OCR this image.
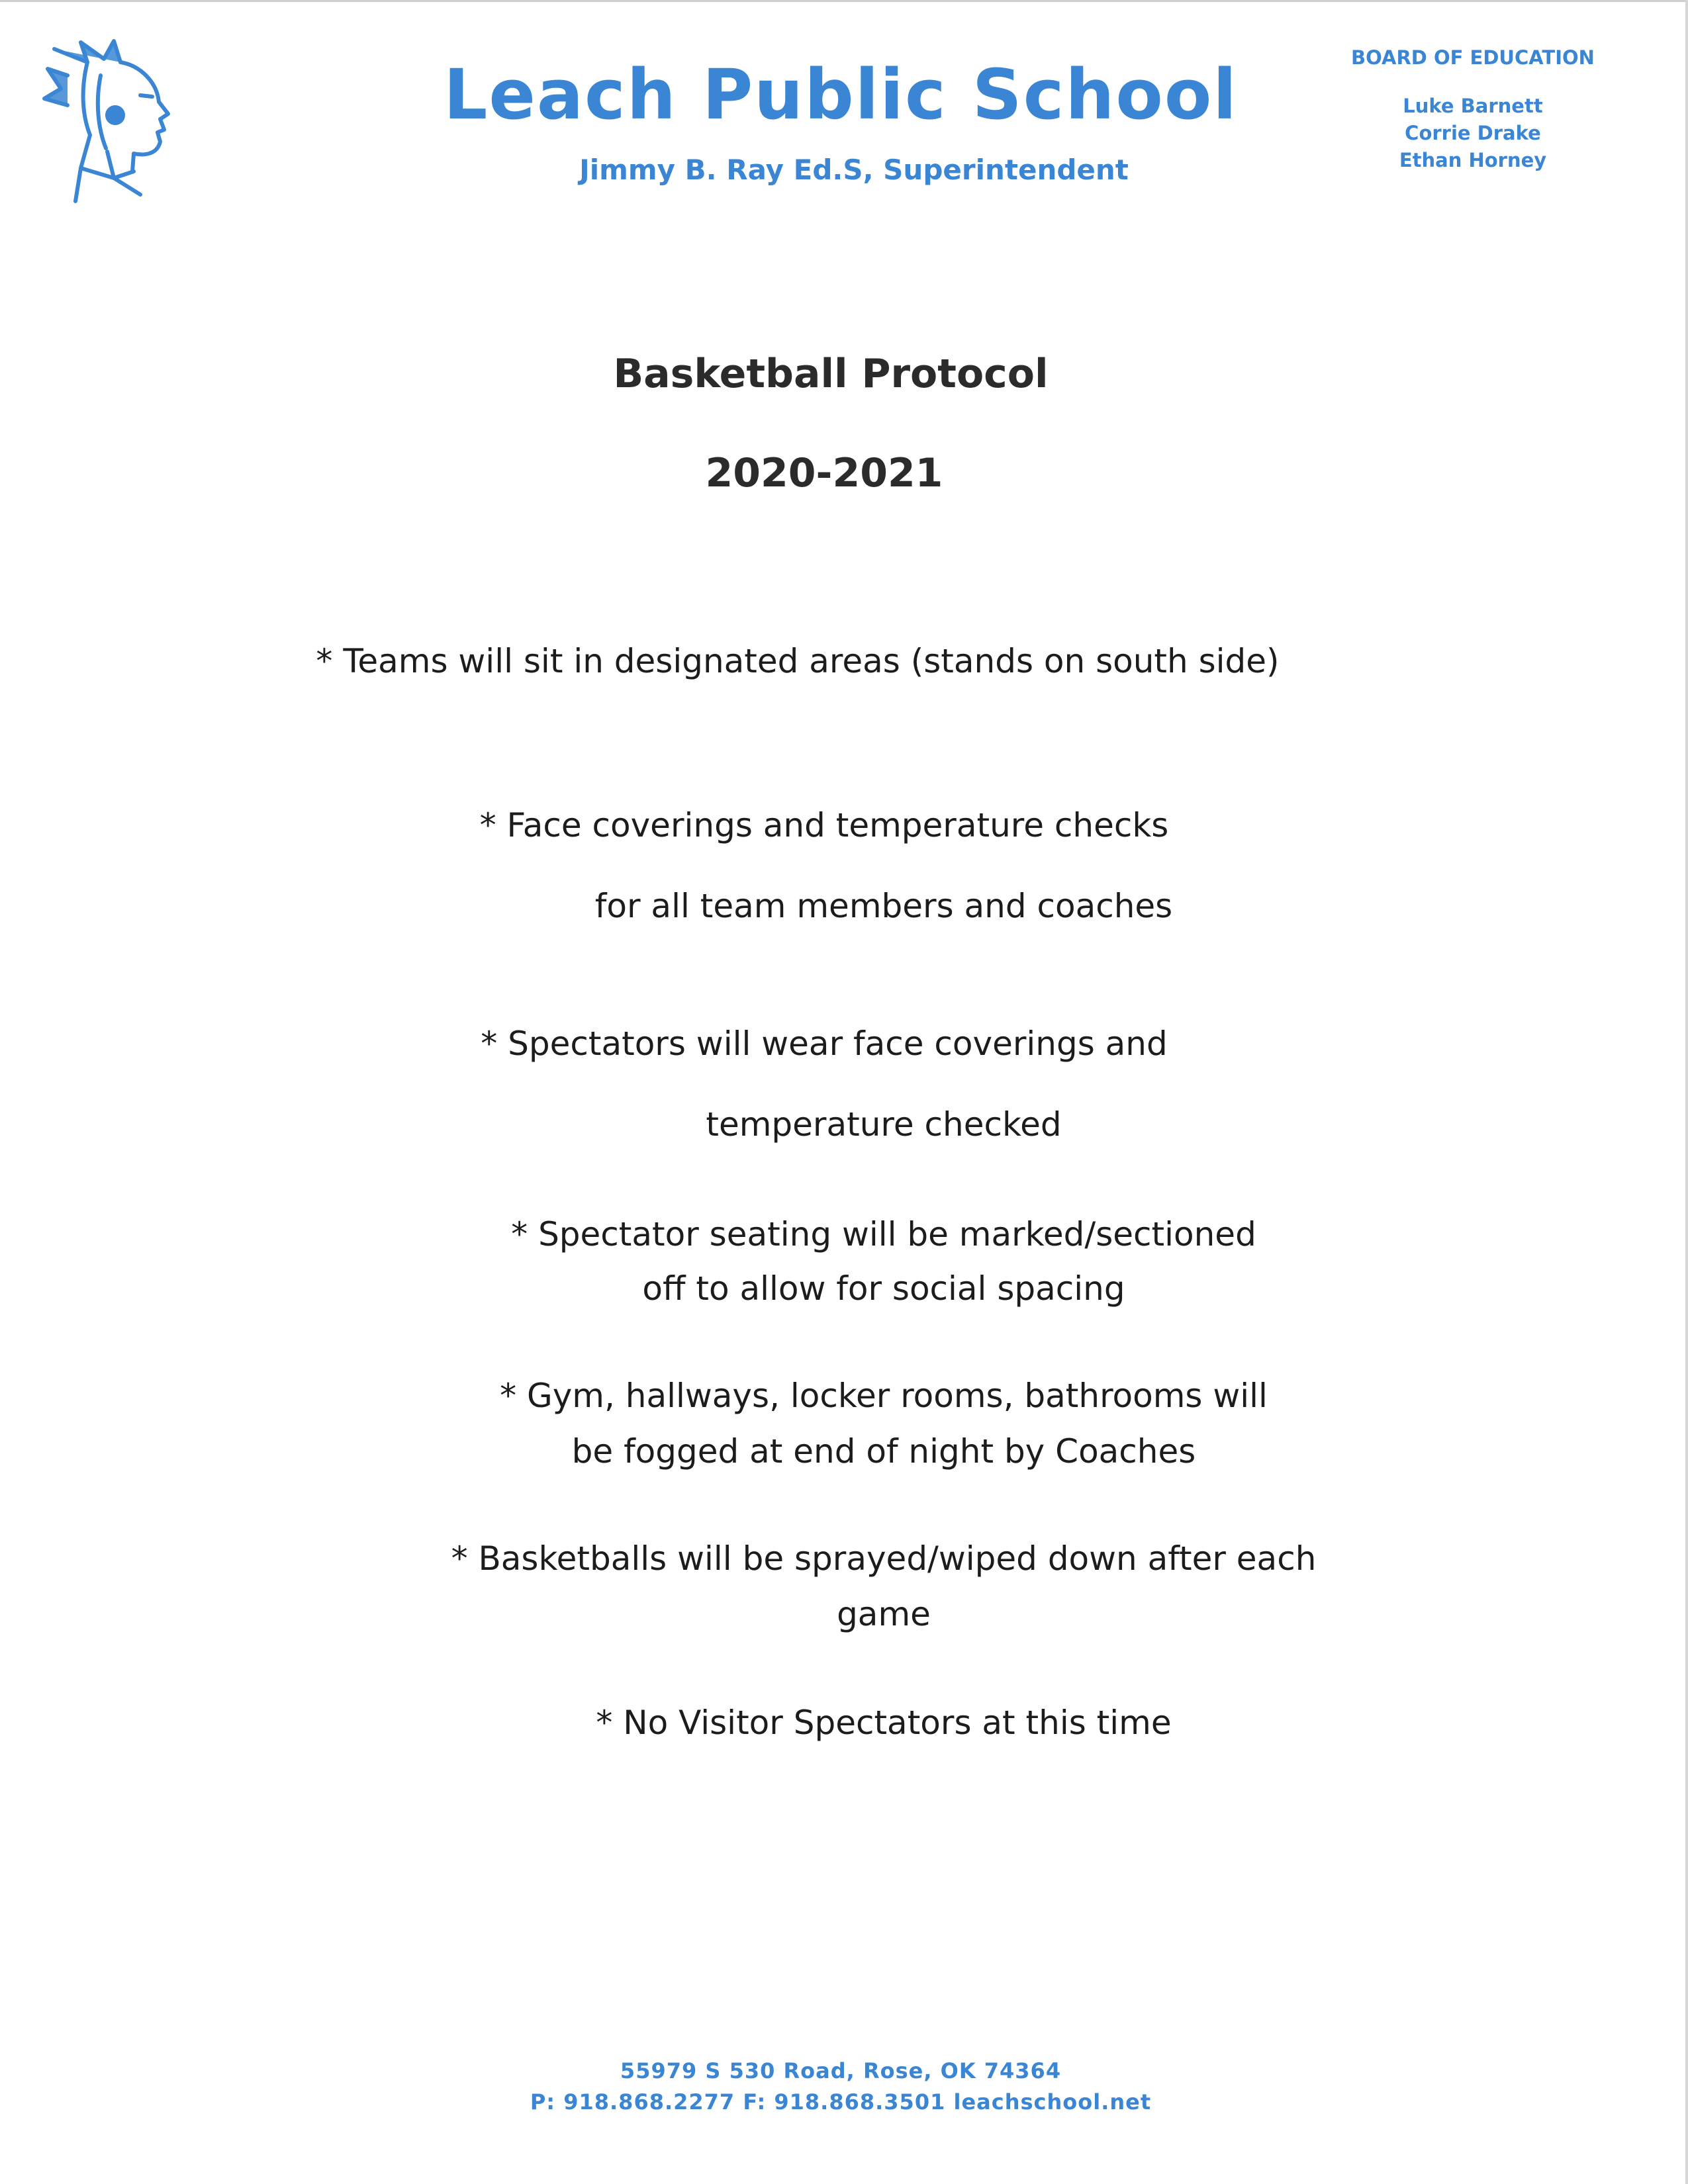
Leach Public School
Jimmy B. Ray Ed.S, Superintendent
BOARD OF EDUCATION
Luke Barnett
Corrie Drake
Ethan Horney
Basketball Protocol
2020-2021
* Teams will sit in designated areas (stands on south side)
* Face coverings and temperature checks
for all team members and coaches
* Spectators will wear face coverings and
temperature checked
* Spectator seating will be marked/sectioned
off to allow for social spacing
* Gym, hallways, locker rooms, bathrooms will
be fogged at end of night by Coaches
* Basketballs will be sprayed/wiped down after each
game
* No Visitor Spectators at this time
55979 S 530 Road, Rose, OK 74364
P: 918.868.2277 F: 918.868.3501 leachschool.net
